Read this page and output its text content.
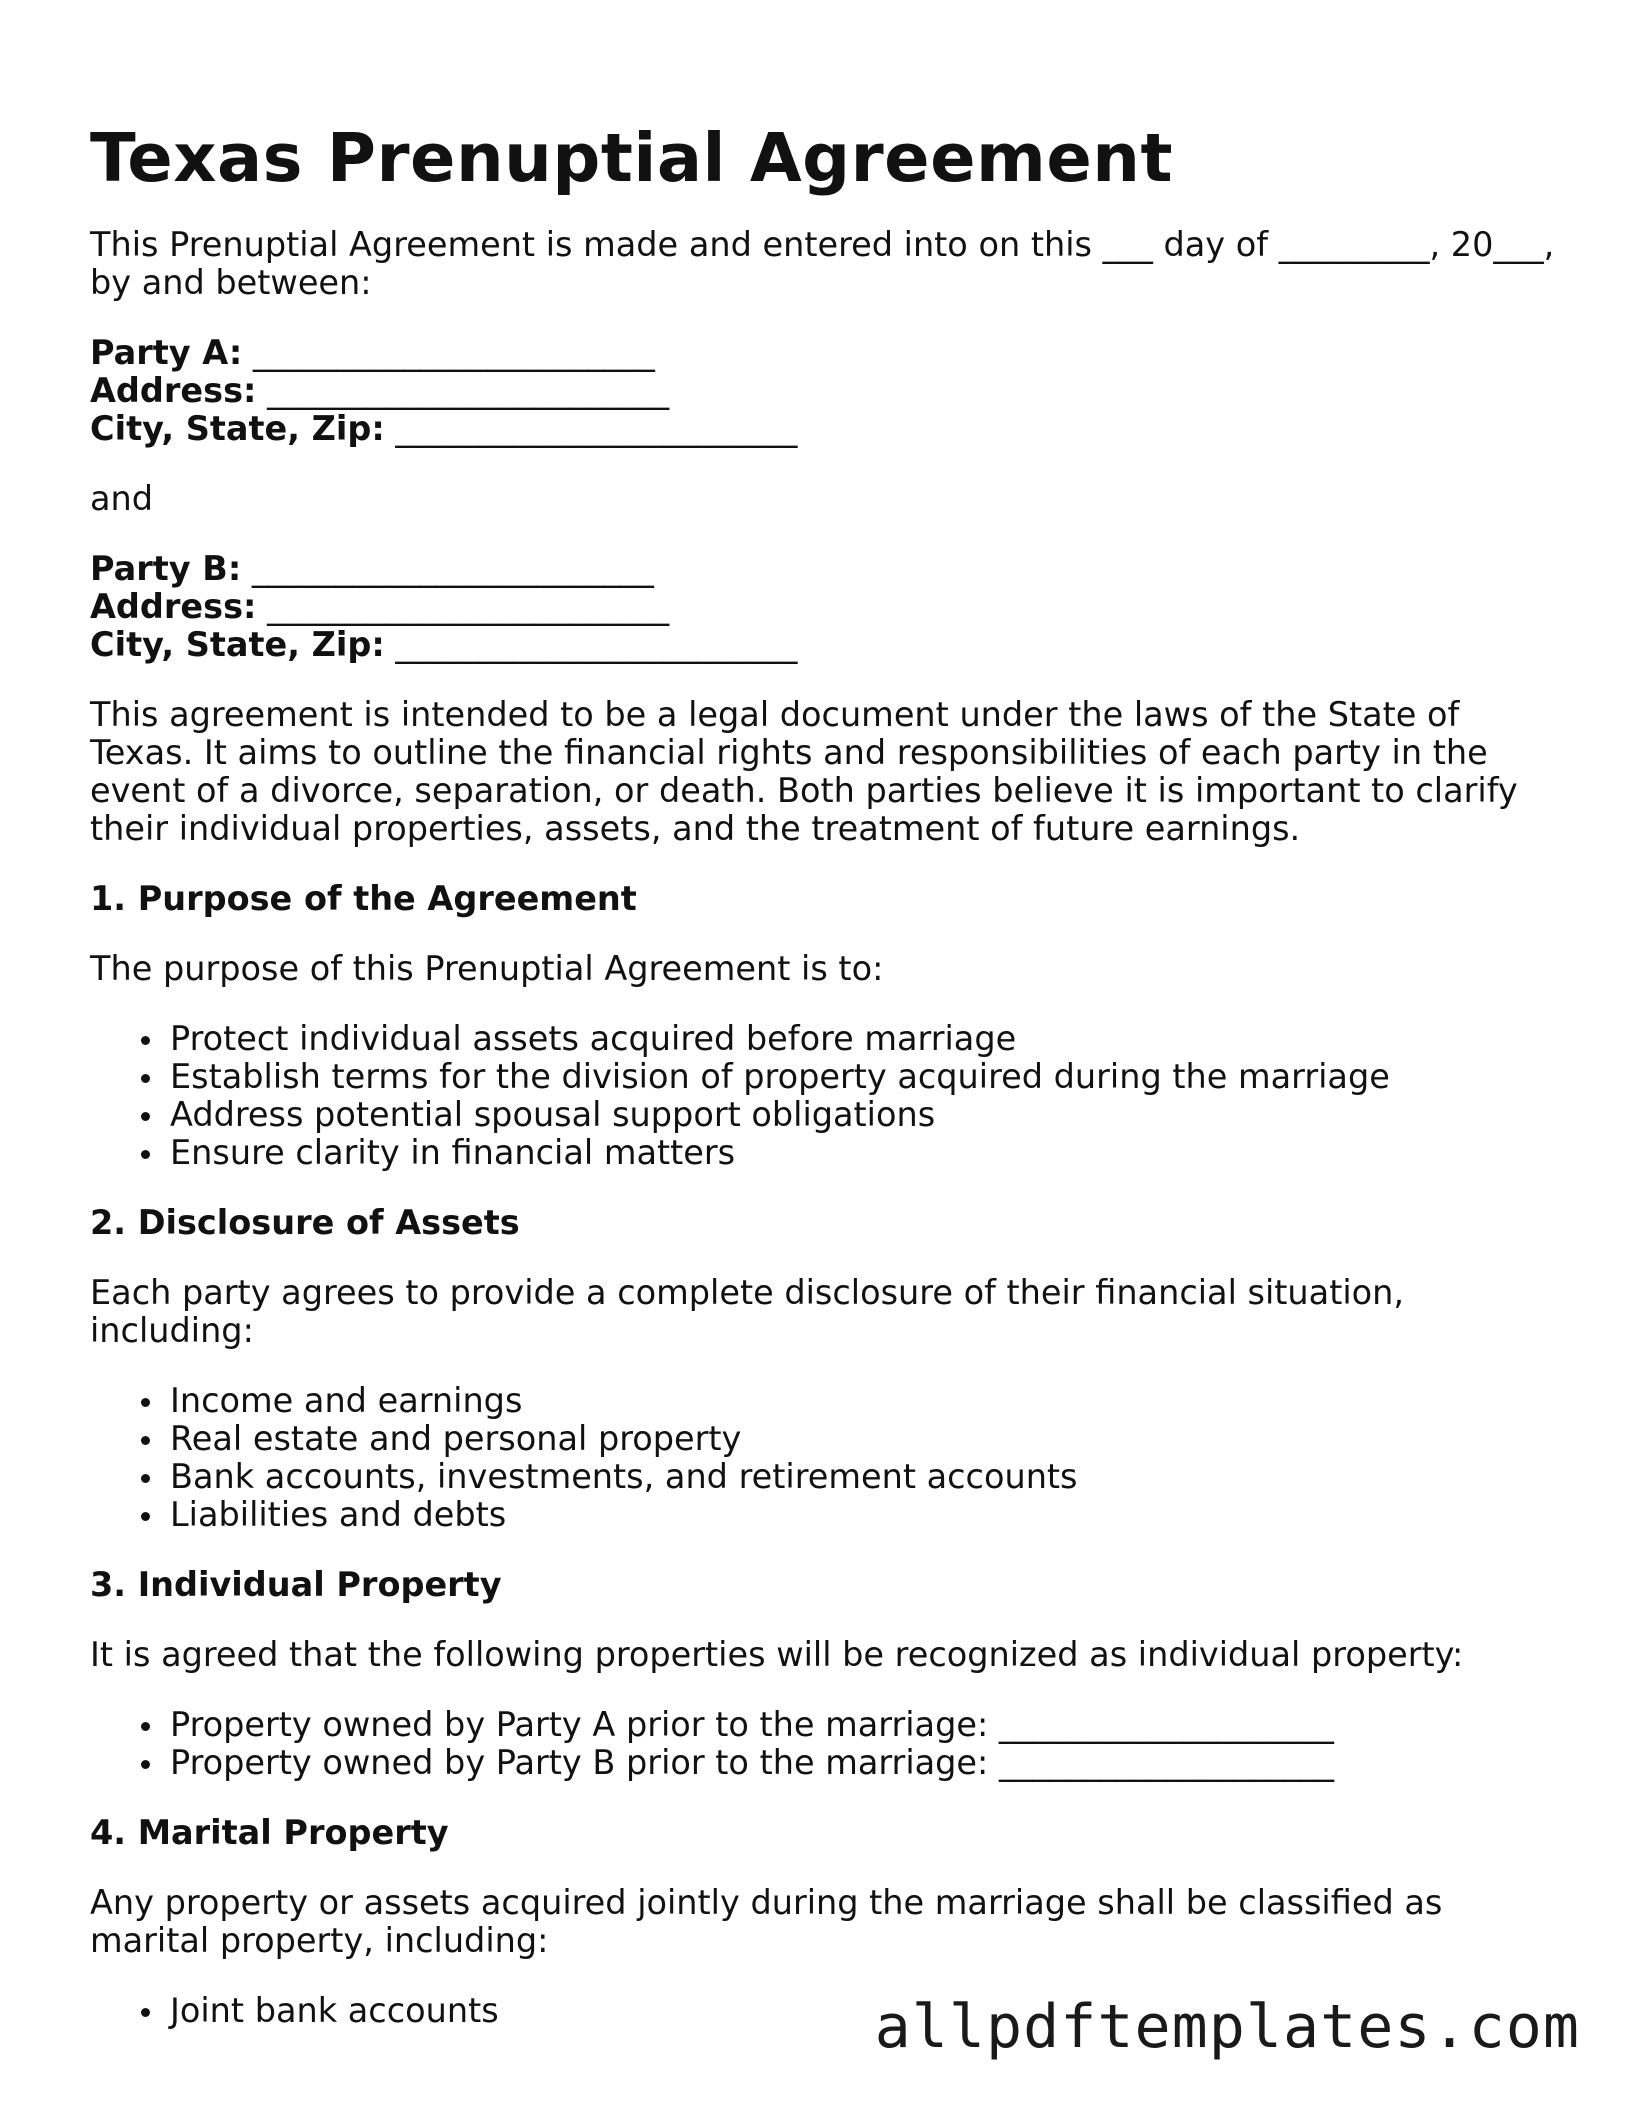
Texas Prenuptial Agreement

This Prenuptial Agreement is made and entered into on this ___ day of _________, 20___, by and between:

Party A: ________________________
Address: ________________________
City, State, Zip: ________________________

and

Party B: ________________________
Address: ________________________
City, State, Zip: ________________________

This agreement is intended to be a legal document under the laws of the State of Texas. It aims to outline the financial rights and responsibilities of each party in the event of a divorce, separation, or death. Both parties believe it is important to clarify their individual properties, assets, and the treatment of future earnings.

1. Purpose of the Agreement

The purpose of this Prenuptial Agreement is to:

Protect individual assets acquired before marriage
Establish terms for the division of property acquired during the marriage
Address potential spousal support obligations
Ensure clarity in financial matters
2. Disclosure of Assets

Each party agrees to provide a complete disclosure of their financial situation, including:

Income and earnings
Real estate and personal property
Bank accounts, investments, and retirement accounts
Liabilities and debts
3. Individual Property

It is agreed that the following properties will be recognized as individual property:

Property owned by Party A prior to the marriage: ____________________
Property owned by Party B prior to the marriage: ____________________
4. Marital Property

Any property or assets acquired jointly during the marriage shall be classified as marital property, including:

Joint bank accounts	allpdftemplates.com
